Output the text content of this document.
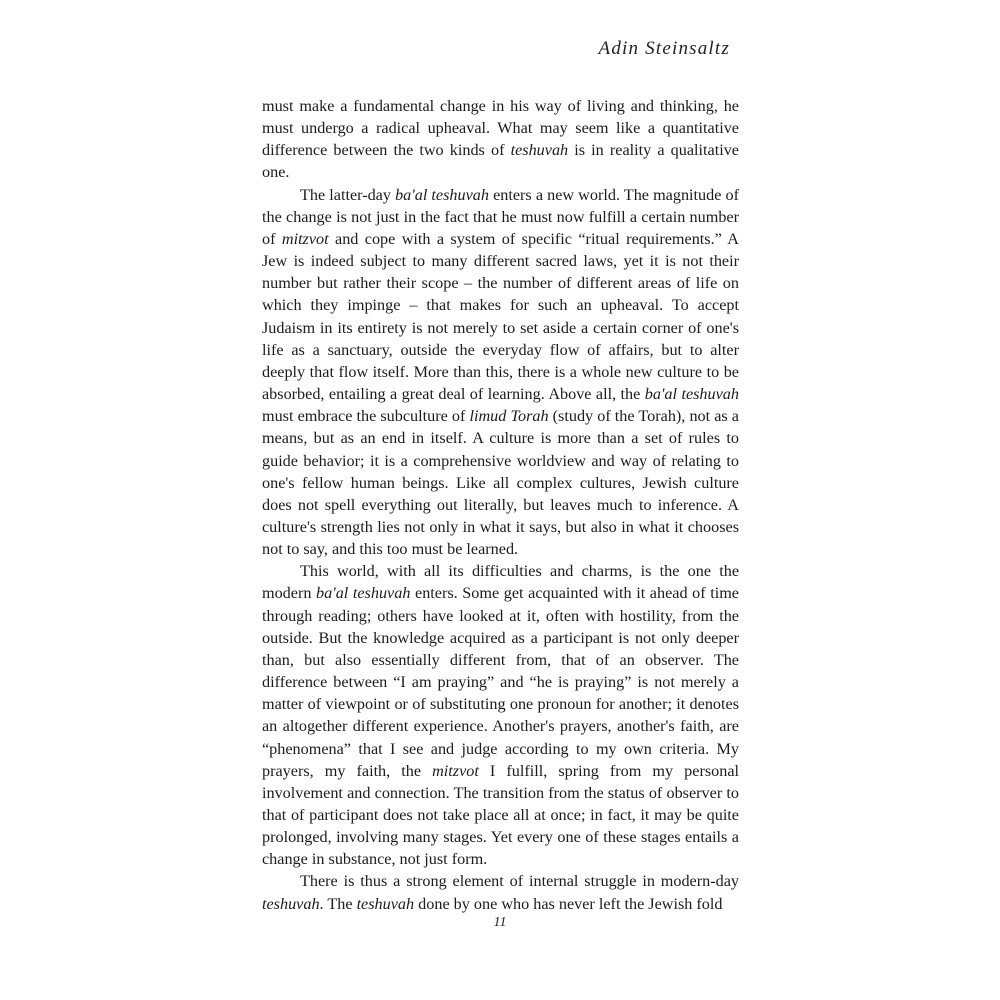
Adin Steinsaltz

must make a fundamental change in his way of living and thinking, he must undergo a radical upheaval. What may seem like a quantitative difference between the two kinds of teshuvah is in reality a qualitative one.

The latter-day ba'al teshuvah enters a new world. The magnitude of the change is not just in the fact that he must now fulfill a certain number of mitzvot and cope with a system of specific “ritual requirements.” A Jew is indeed subject to many different sacred laws, yet it is not their number but rather their scope – the number of different areas of life on which they impinge – that makes for such an upheaval. To accept Judaism in its entirety is not merely to set aside a certain corner of one's life as a sanctuary, outside the everyday flow of affairs, but to alter deeply that flow itself. More than this, there is a whole new culture to be absorbed, entailing a great deal of learning. Above all, the ba'al teshuvah must embrace the subculture of limud Torah (study of the Torah), not as a means, but as an end in itself. A culture is more than a set of rules to guide behavior; it is a comprehensive worldview and way of relating to one's fellow human beings. Like all complex cultures, Jewish culture does not spell everything out literally, but leaves much to inference. A culture's strength lies not only in what it says, but also in what it chooses not to say, and this too must be learned.

This world, with all its difficulties and charms, is the one the modern ba'al teshuvah enters. Some get acquainted with it ahead of time through reading; others have looked at it, often with hostility, from the outside. But the knowledge acquired as a participant is not only deeper than, but also essentially different from, that of an observer. The difference between “I am praying” and “he is praying” is not merely a matter of viewpoint or of substituting one pronoun for another; it denotes an altogether different experience. Another's prayers, another's faith, are “phenomena” that I see and judge according to my own criteria. My prayers, my faith, the mitzvot I fulfill, spring from my personal involvement and connection. The transition from the status of observer to that of participant does not take place all at once; in fact, it may be quite prolonged, involving many stages. Yet every one of these stages entails a change in substance, not just form.

There is thus a strong element of internal struggle in modern-day teshuvah. The teshuvah done by one who has never left the Jewish fold

11
